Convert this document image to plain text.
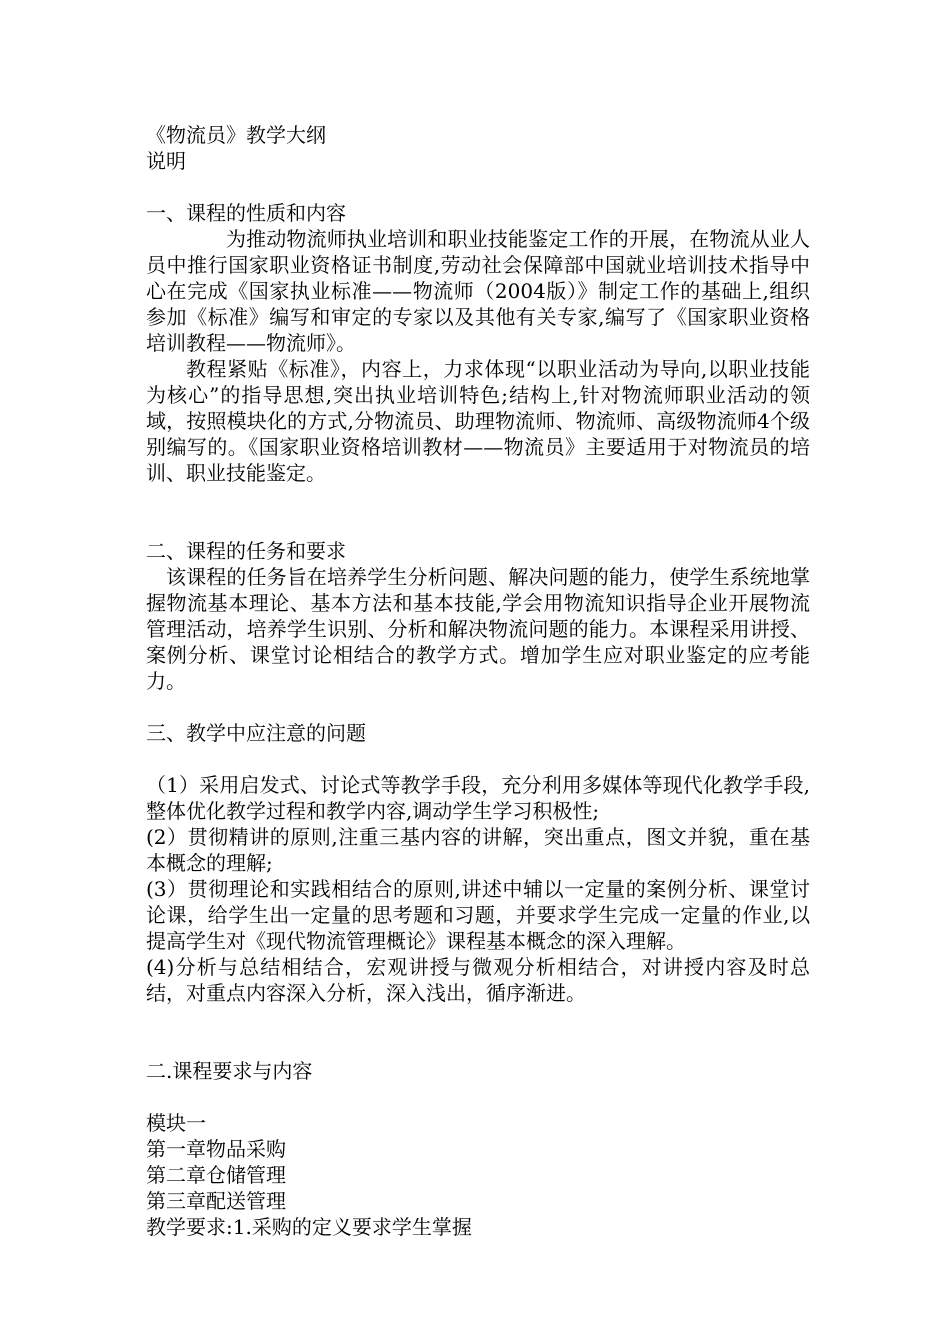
《物流员》教学大纲

说明

一、课程的性质和内容

为推动物流师执业培训和职业技能鉴定工作的开展，在物流从业人员中推行国家职业资格证书制度,劳动社会保障部中国就业培训技术指导中心在完成《国家执业标准——物流师（2004版）》制定工作的基础上,组织参加《标准》编写和审定的专家以及其他有关专家,编写了《国家职业资格培训教程——物流师》。

教程紧贴《标准》，内容上，力求体现“以职业活动为导向,以职业技能为核心”的指导思想,突出执业培训特色;结构上,针对物流师职业活动的领域，按照模块化的方式,分物流员、助理物流师、物流师、高级物流师4个级别编写的。《国家职业资格培训教材——物流员》主要适用于对物流员的培训、职业技能鉴定。

二、课程的任务和要求

该课程的任务旨在培养学生分析问题、解决问题的能力，使学生系统地掌握物流基本理论、基本方法和基本技能,学会用物流知识指导企业开展物流管理活动，培养学生识别、分析和解决物流问题的能力。本课程采用讲授、案例分析、课堂讨论相结合的教学方式。增加学生应对职业鉴定的应考能力。

三、教学中应注意的问题

（1）采用启发式、讨论式等教学手段，充分利用多媒体等现代化教学手段,整体优化教学过程和教学内容,调动学生学习积极性;

(2）贯彻精讲的原则,注重三基内容的讲解，突出重点，图文并貌，重在基本概念的理解;

(3）贯彻理论和实践相结合的原则,讲述中辅以一定量的案例分析、课堂讨论课，给学生出一定量的思考题和习题，并要求学生完成一定量的作业,以提高学生对《现代物流管理概论》课程基本概念的深入理解。

(4)分析与总结相结合，宏观讲授与微观分析相结合，对讲授内容及时总结，对重点内容深入分析，深入浅出，循序渐进。

二.课程要求与内容

模块一

第一章物品采购

第二章仓储管理

第三章配送管理

教学要求:1.采购的定义要求学生掌握
